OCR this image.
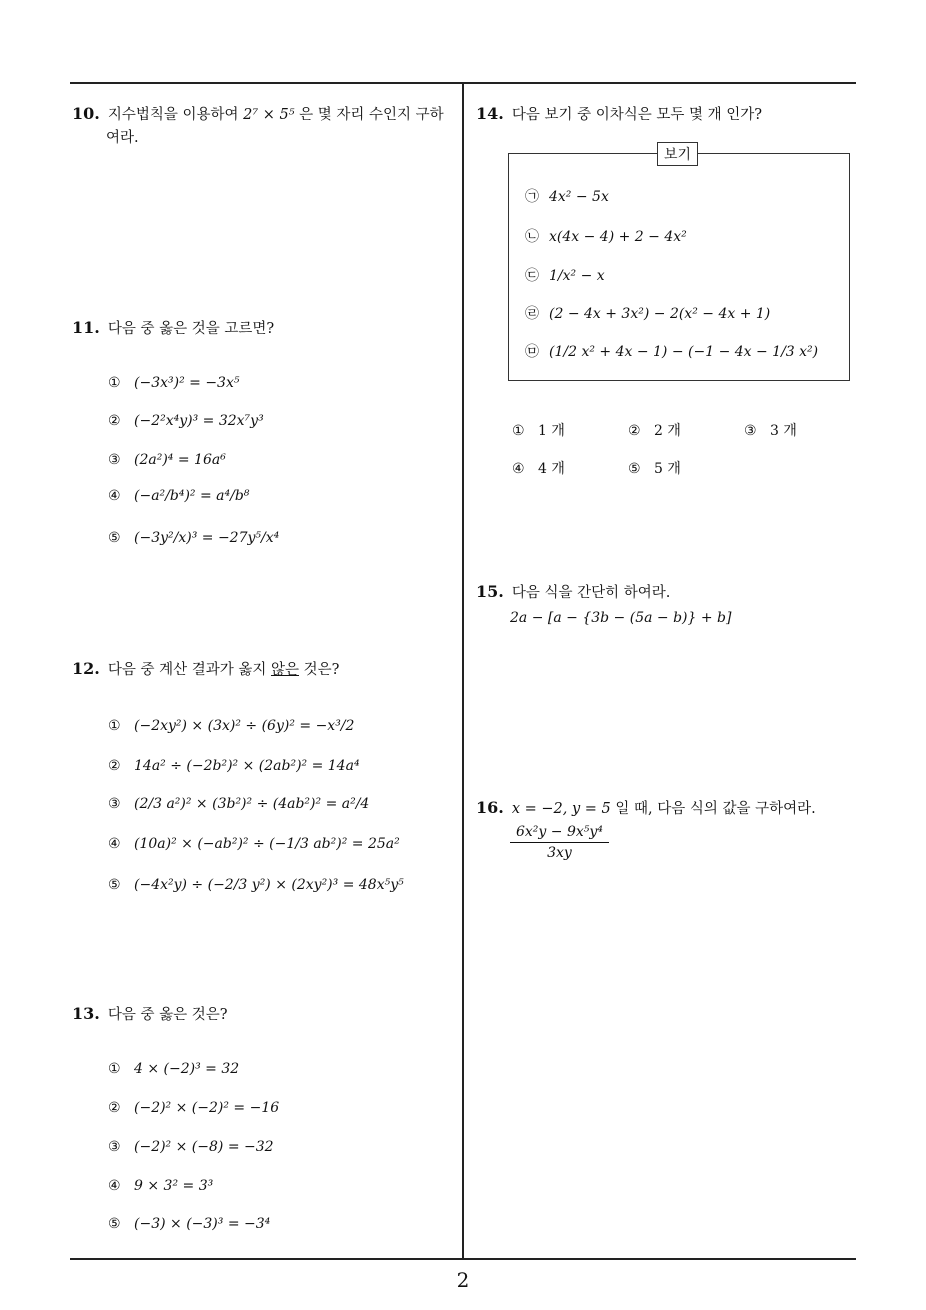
10. 지수법칙을 이용하여 2⁷ × 5⁵ 은 몇 자리 수인지 구하
여라.
11. 다음 중 옳은 것을 고르면?
① (−3x³)² = −3x⁵
② (−2²x⁴y)³ = 32x⁷y³
③ (2a²)⁴ = 16a⁶
④ (−a²/b⁴)² = a⁴/b⁸
⑤ (−3y²/x)³ = −27y⁵/x⁴
12. 다음 중 계산 결과가 옳지 않은 것은?
① (−2xy²) × (3x)² ÷ (6y)² = −x³/2
② 14a² ÷ (−2b²)² × (2ab²)² = 14a⁴
③ (2/3 a²)² × (3b²)² ÷ (4ab²)² = a²/4
④ (10a)² × (−ab²)² ÷ (−1/3 ab²)² = 25a²
⑤ (−4x²y) ÷ (−2/3 y²) × (2xy²)³ = 48x⁵y⁵
13. 다음 중 옳은 것은?
① 4 × (−2)³ = 32
② (−2)² × (−2)² = −16
③ (−2)² × (−8) = −32
④ 9 × 3² = 3³
⑤ (−3) × (−3)³ = −3⁴
14. 다음 보기 중 이차식은 모두 몇 개 인가?
보기
㉠ 4x² − 5x
㉡ x(4x − 4) + 2 − 4x²
㉢ 1/x² − x
㉣ (2 − 4x + 3x²) − 2(x² − 4x + 1)
㉤ (1/2 x² + 4x − 1) − (−1 − 4x − 1/3 x²)
① 1 개	② 2 개	③ 3 개
④ 4 개	⑤ 5 개
15. 다음 식을 간단히 하여라.
2a − [a − {3b − (5a − b)} + b]
16. x = −2, y = 5 일 때, 다음 식의 값을 구하여라.
$\frac{\text{6x²y − 9x⁵y⁴}}{3xy}$
2
